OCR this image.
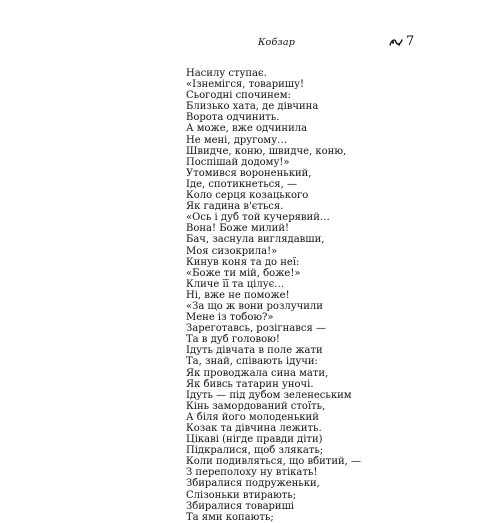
Кобзар	7
Насилу ступає.
«Ізнемігся, товаришу!
Сьогодні спочинем:
Близько хата, де дівчина
Ворота одчинить.
А може, вже одчинила
Не мені, другому…
Швидче, коню, швидче, коню,
Поспішай додому!»
Утомився вороненький,
Іде, спотикнеться, —
Коло серця козацького
Як гадина в'ється.
«Ось і дуб той кучерявий…
Вона! Боже милий!
Бач, заснула виглядавши,
Моя сизокрила!»
Кинув коня та до неї:
«Боже ти мій, боже!»
Кличе її та цілує…
Ні, вже не поможе!
«За що ж вони розлучили
Мене із тобою?»
Зареготавсь, розігнався —
Та в дуб головою!
Ідуть дівчата в поле жати
Та, знай, співають ідучи:
Як проводжала сина мати,
Як бивсь татарин уночі.
Ідуть — під дубом зеленеським
Кінь замордований стоїть,
А біля його молоденький
Козак та дівчина лежить.
Цікаві (нігде правди діти)
Підкралися, щоб злякать;
Коли подивляться, що вбитий, —
З переполоху ну втікать!
Збиралися подруженьки,
Слізоньки втирають;
Збиралися товариші
Та ями копають;
